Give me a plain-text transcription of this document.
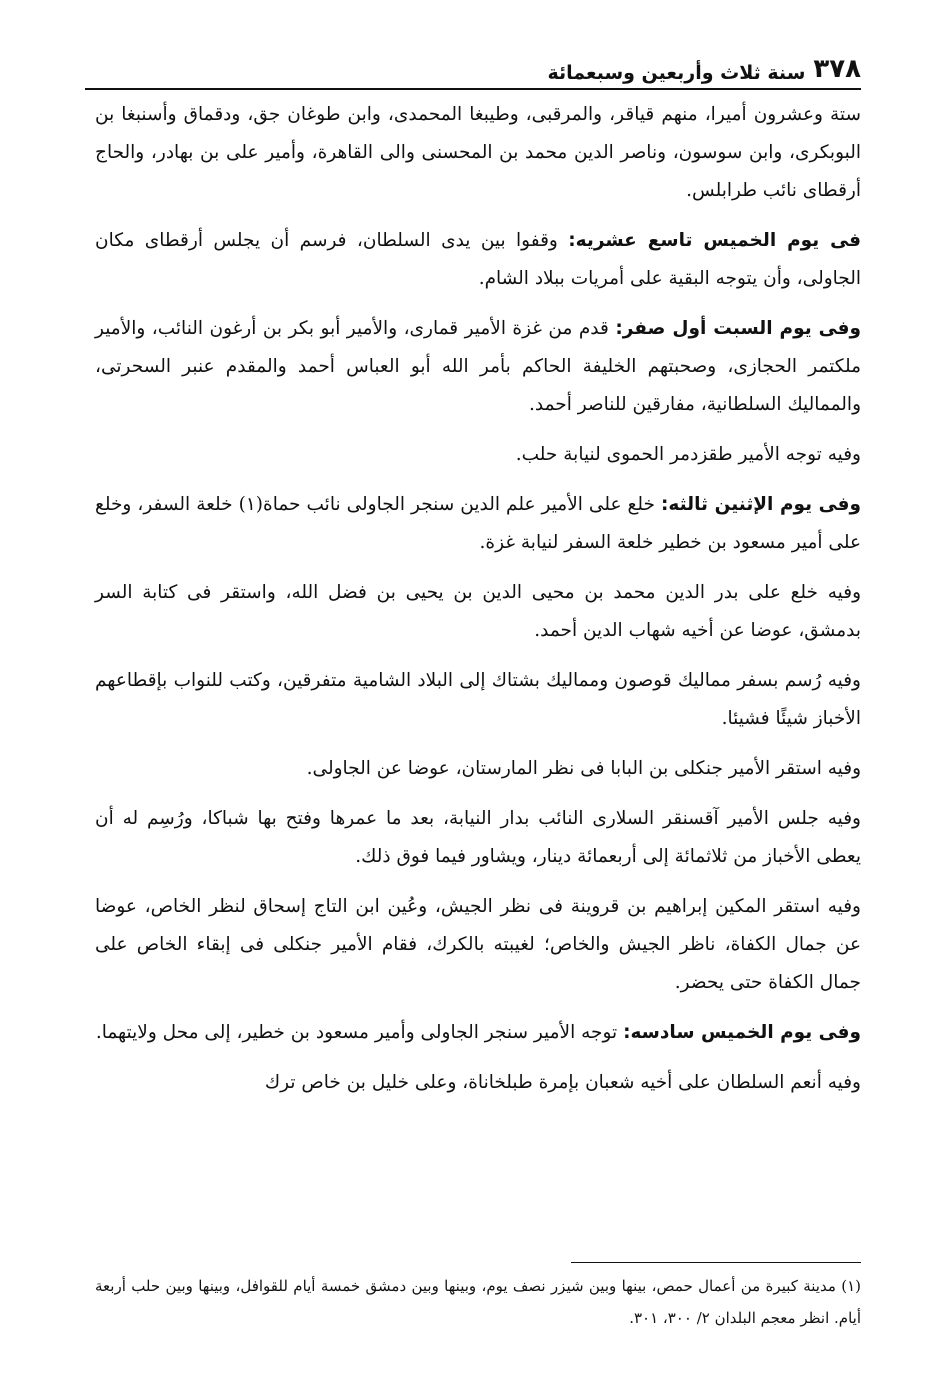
٣٧٨
سنة ثلاث وأربعين وسبعمائة

ستة وعشرون أميرا، منهم قياقر، والمرقبى، وطيبغا المحمدى، وابن طوغان جق، ودقماق وأسنبغا بن البوبكرى، وابن سوسون، وناصر الدين محمد بن المحسنى والى القاهرة، وأمير على بن بهادر، والحاج أرقطاى نائب طرابلس.

فى يوم الخميس تاسع عشريه: وقفوا بين يدى السلطان، فرسم أن يجلس أرقطاى مكان الجاولى، وأن يتوجه البقية على أمريات ببلاد الشام.

وفى يوم السبت أول صفر: قدم من غزة الأمير قمارى، والأمير أبو بكر بن أرغون النائب، والأمير ملكتمر الحجازى، وصحبتهم الخليفة الحاكم بأمر الله أبو العباس أحمد والمقدم عنبر السحرتى، والمماليك السلطانية، مفارقين للناصر أحمد.

وفيه توجه الأمير طقزدمر الحموى لنيابة حلب.

وفى يوم الإثنين ثالثه: خلع على الأمير علم الدين سنجر الجاولى نائب حماة(١) خلعة السفر، وخلع على أمير مسعود بن خطير خلعة السفر لنيابة غزة.

وفيه خلع على بدر الدين محمد بن محيى الدين بن يحيى بن فضل الله، واستقر فى كتابة السر بدمشق، عوضا عن أخيه شهاب الدين أحمد.

وفيه رُسم بسفر مماليك قوصون ومماليك بشتاك إلى البلاد الشامية متفرقين، وكتب للنواب بإقطاعهم الأخباز شيئًا فشيئا.

وفيه استقر الأمير جنكلى بن البابا فى نظر المارستان، عوضا عن الجاولى.

وفيه جلس الأمير آقسنقر السلارى النائب بدار النيابة، بعد ما عمرها وفتح بها شباكا، ورُسِم له أن يعطى الأخباز من ثلاثمائة إلى أربعمائة دينار، ويشاور فيما فوق ذلك.

وفيه استقر المكين إبراهيم بن قروينة فى نظر الجيش، وعُين ابن التاج إسحاق لنظر الخاص، عوضا عن جمال الكفاة، ناظر الجيش والخاص؛ لغيبته بالكرك، فقام الأمير جنكلى فى إبقاء الخاص على جمال الكفاة حتى يحضر.

وفى يوم الخميس سادسه: توجه الأمير سنجر الجاولى وأمير مسعود بن خطير، إلى محل ولايتهما.

وفيه أنعم السلطان على أخيه شعبان بإمرة طبلخاناة، وعلى خليل بن خاص ترك

(١) مدينة كبيرة من أعمال حمص، بينها وبين شيزر نصف يوم، وبينها وبين دمشق خمسة أيام للقوافل، وبينها وبين حلب أربعة أيام. انظر معجم البلدان ٢/ ٣٠٠، ٣٠١.
